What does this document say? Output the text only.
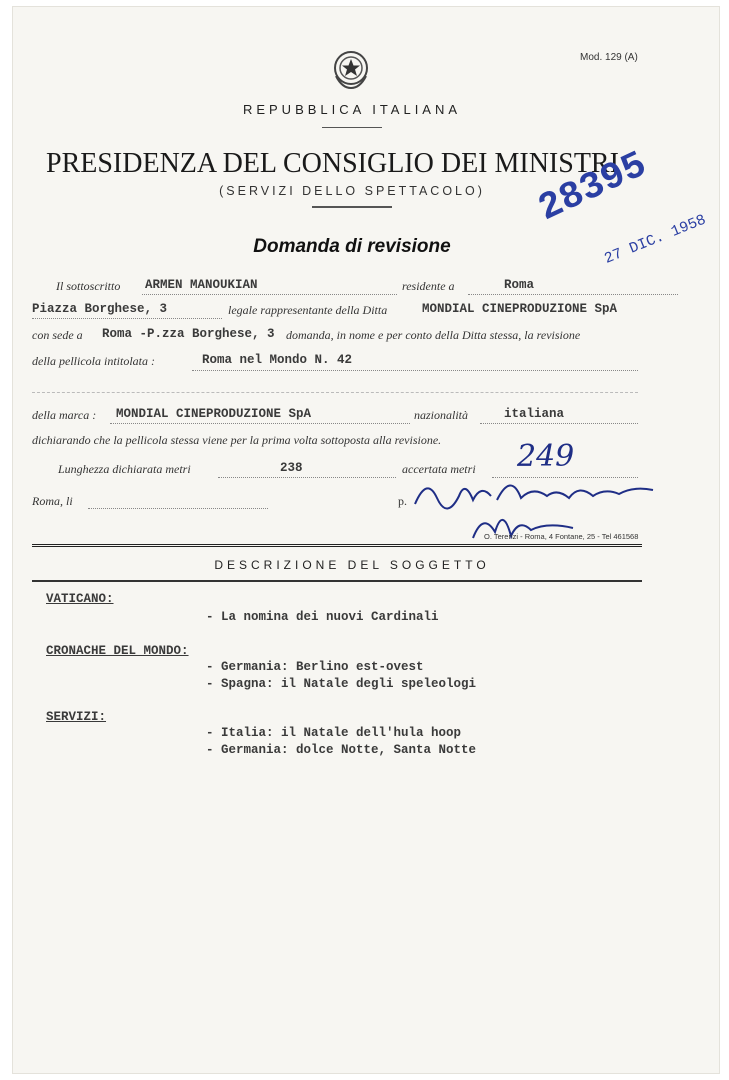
Mod. 129 (A)
REPUBBLICA ITALIANA
PRESIDENZA DEL CONSIGLIO DEI MINISTRI
(SERVIZI DELLO SPETTACOLO)
Domanda di revisione
28395
27 DIC. 1958
Il sottoscritto ARMEN MANOUKIAN	residente a	Roma
Piazza Borghese, 3	legale rappresentante della Ditta	MONDIAL CINEPRODUZIONE SpA
con sede a Roma -P.zza Borghese, 3 domanda, in nome e per conto della Ditta stessa, la revisione
della pellicola intitolata :	Roma nel Mondo N. 42
della marca : MONDIAL CINEPRODUZIONE SpA	nazionalità	italiana
dichiarando che la pellicola stessa viene per la prima volta sottoposta alla revisione.
Lunghezza dichiarata metri	238	accertata metri 249
Roma, li	p.
O. Terenzi - Roma, 4 Fontane, 25 - Tel 461568
DESCRIZIONE DEL SOGGETTO
VATICANO:
- La nomina dei nuovi Cardinali
CRONACHE DEL MONDO:
- Germania: Berlino est-ovest
- Spagna: il Natale degli speleologi
SERVIZI:
- Italia: il Natale dell'hula hoop
- Germania: dolce Notte, Santa Notte
